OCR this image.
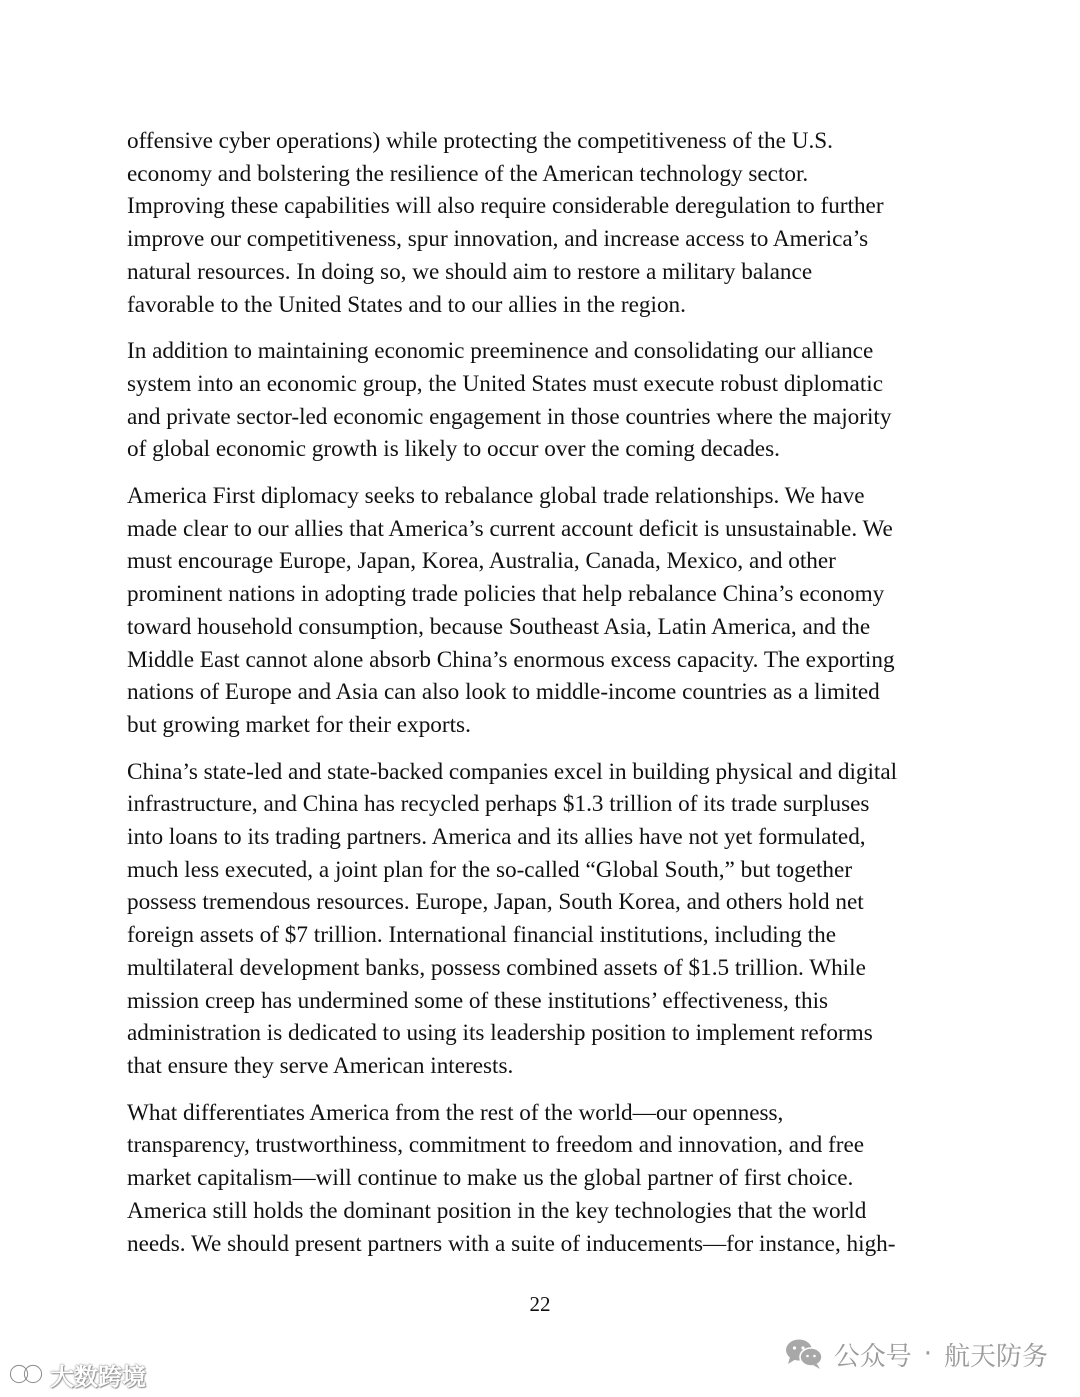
offensive cyber operations) while protecting the competitiveness of the U.S.
economy and bolstering the resilience of the American technology sector.
Improving these capabilities will also require considerable deregulation to further
improve our competitiveness, spur innovation, and increase access to America’s
natural resources. In doing so, we should aim to restore a military balance
favorable to the United States and to our allies in the region.

In addition to maintaining economic preeminence and consolidating our alliance
system into an economic group, the United States must execute robust diplomatic
and private sector-led economic engagement in those countries where the majority
of global economic growth is likely to occur over the coming decades.

America First diplomacy seeks to rebalance global trade relationships. We have
made clear to our allies that America’s current account deficit is unsustainable. We
must encourage Europe, Japan, Korea, Australia, Canada, Mexico, and other
prominent nations in adopting trade policies that help rebalance China’s economy
toward household consumption, because Southeast Asia, Latin America, and the
Middle East cannot alone absorb China’s enormous excess capacity. The exporting
nations of Europe and Asia can also look to middle-income countries as a limited
but growing market for their exports.

China’s state-led and state-backed companies excel in building physical and digital
infrastructure, and China has recycled perhaps $1.3 trillion of its trade surpluses
into loans to its trading partners. America and its allies have not yet formulated,
much less executed, a joint plan for the so-called “Global South,” but together
possess tremendous resources. Europe, Japan, South Korea, and others hold net
foreign assets of $7 trillion. International financial institutions, including the
multilateral development banks, possess combined assets of $1.5 trillion. While
mission creep has undermined some of these institutions’ effectiveness, this
administration is dedicated to using its leadership position to implement reforms
that ensure they serve American interests.

What differentiates America from the rest of the world—our openness,
transparency, trustworthiness, commitment to freedom and innovation, and free
market capitalism—will continue to make us the global partner of first choice.
America still holds the dominant position in the key technologies that the world
needs. We should present partners with a suite of inducements—for instance, high-

22
大数跨境
公众号 · 航天防务
